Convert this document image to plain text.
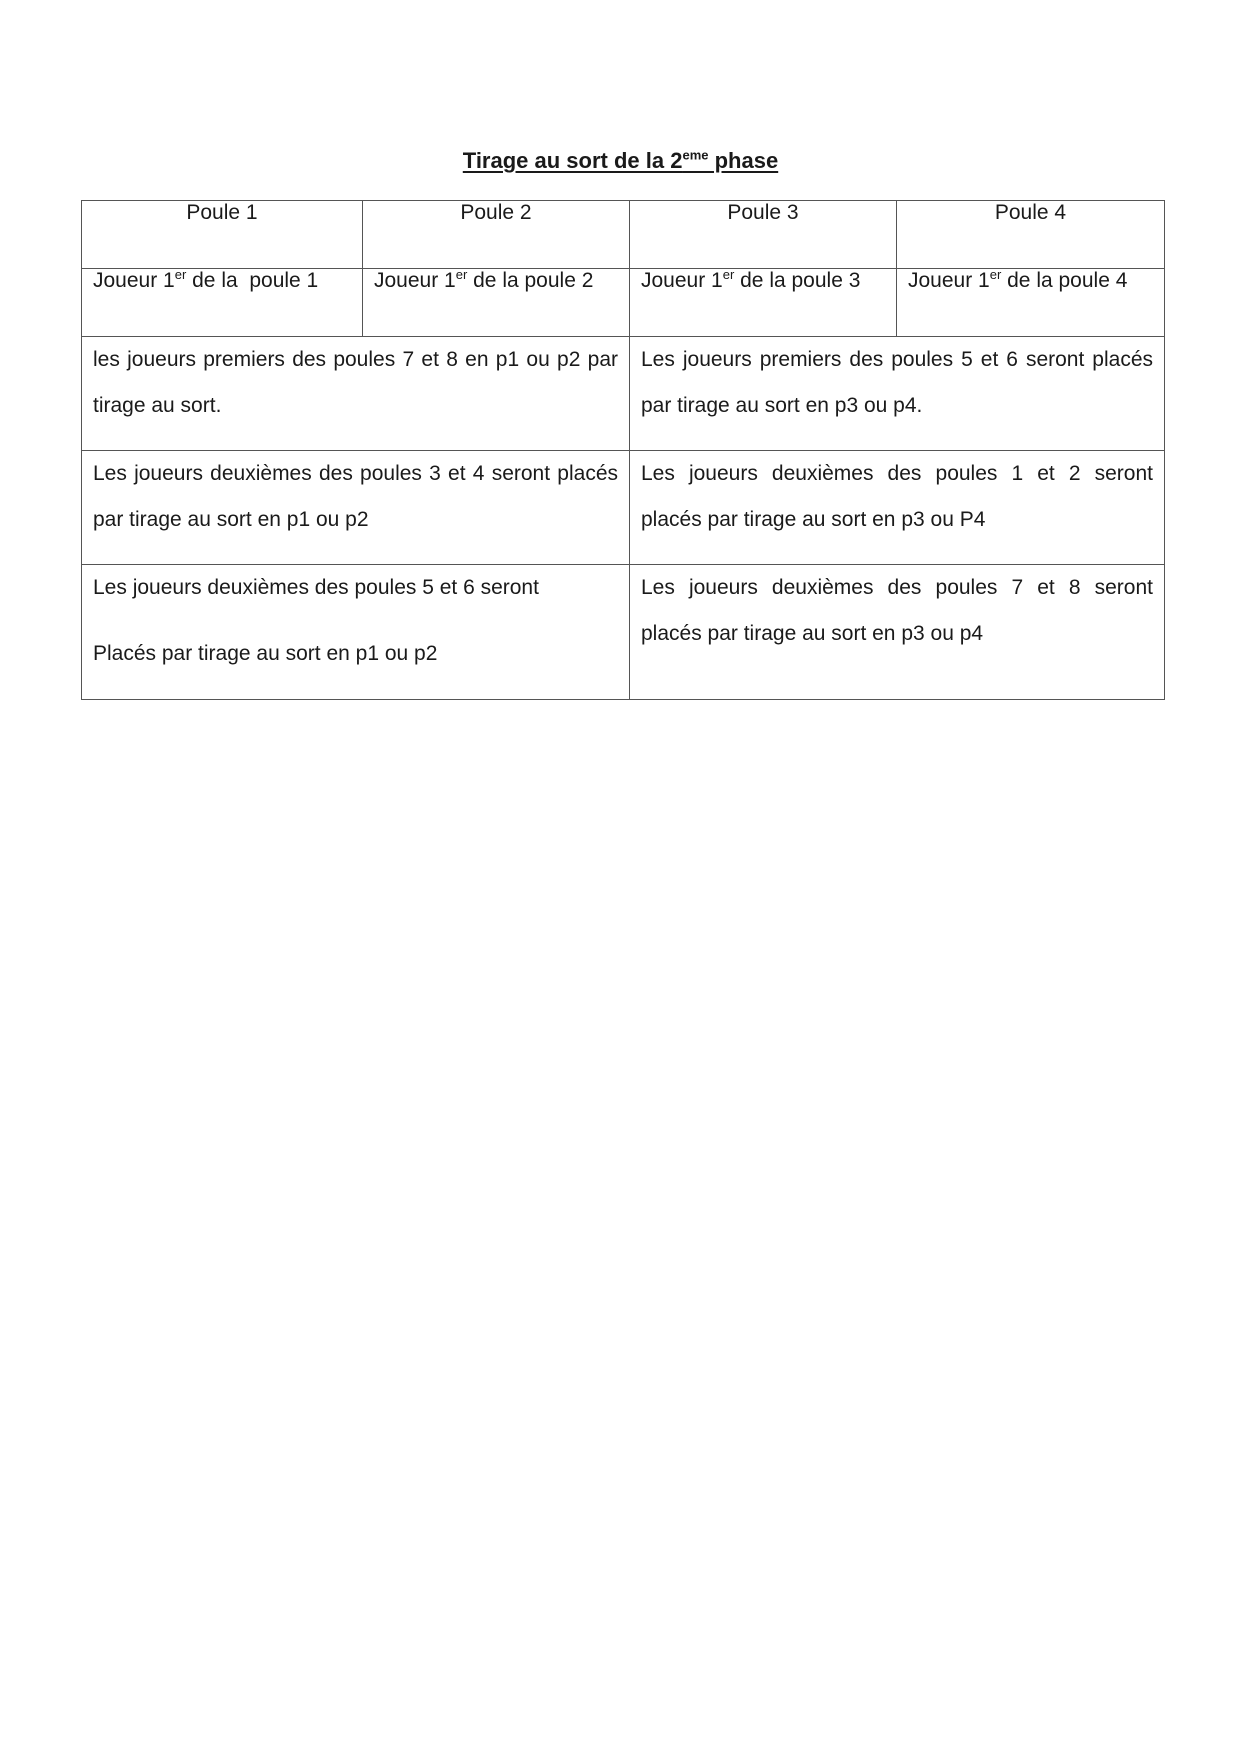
Tirage au sort de la 2eme phase
Poule 1	Poule 2	Poule 3	Poule 4
Joueur 1er de la  poule 1	Joueur 1er de la poule 2	Joueur 1er de la poule 3	Joueur 1er de la poule 4
les joueurs premiers des poules 7 et 8 en p1 ou p2 par tirage au sort.		Les joueurs premiers des poules 5 et 6 seront placés par tirage au sort en p3 ou p4.	
Les joueurs deuxièmes des poules 3 et 4 seront placés par tirage au sort en p1 ou p2		Les joueurs deuxièmes des poules 1 et 2 seront placés par tirage au sort en p3 ou P4	

Les joueurs deuxièmes des poules 5 et 6 seront

Placés par tirage au sort en p1 ou p2		Les joueurs deuxièmes des poules 7 et 8 seront placés par tirage au sort en p3 ou p4	
